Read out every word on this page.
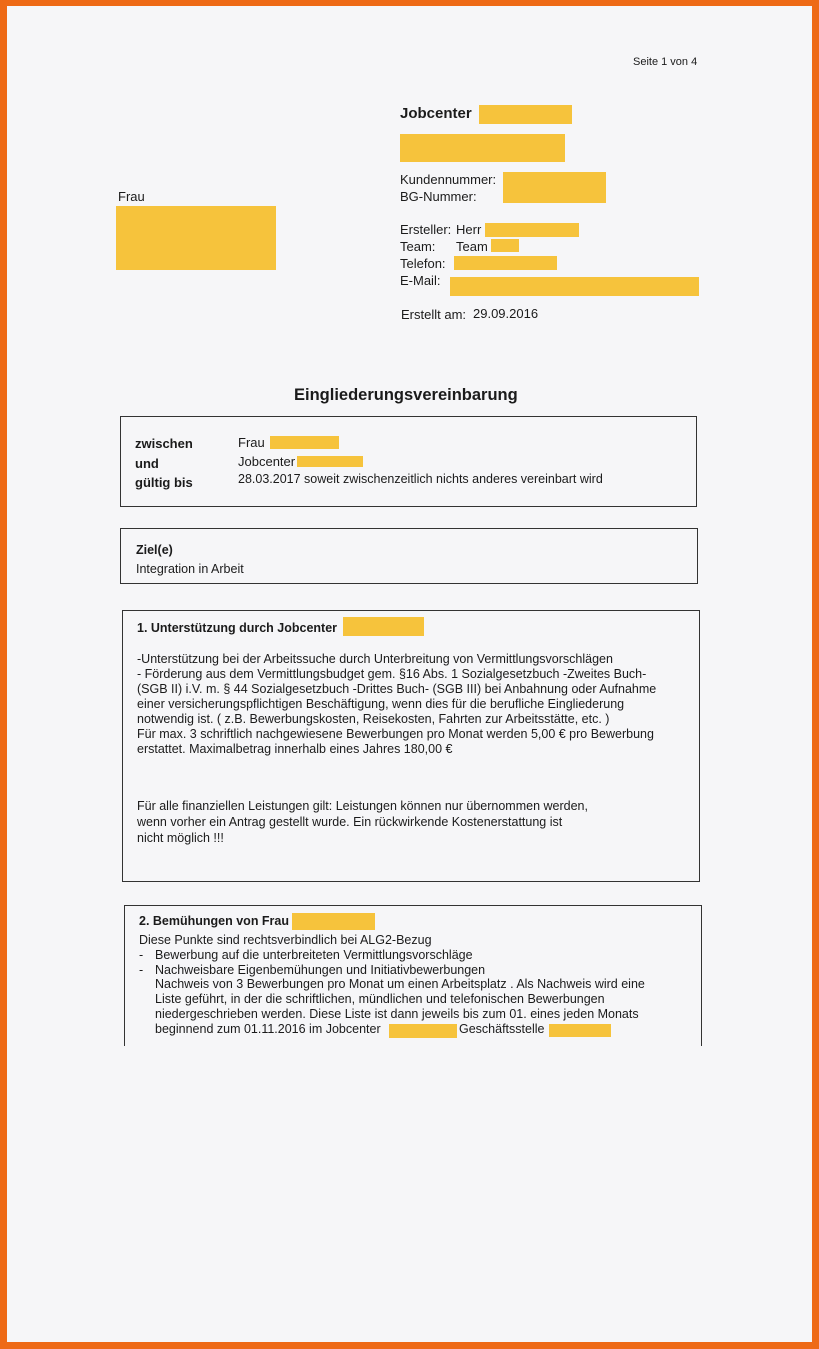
Seite 1 von 4
Jobcenter
Kundennummer:
BG-Nummer:
Ersteller: Herr
Team: Team
Telefon:
E-Mail:
Erstellt am: 29.09.2016
Frau
Eingliederungsvereinbarung
zwischen	Frau
und	Jobcenter
gültig bis	28.03.2017 soweit zwischenzeitlich nichts anderes vereinbart wird
Ziel(e)
Integration in Arbeit
1. Unterstützung durch Jobcenter
-Unterstützung bei der Arbeitssuche durch Unterbreitung von Vermittlungsvorschlägen
- Förderung aus dem Vermittlungsbudget gem. §16 Abs. 1 Sozialgesetzbuch -Zweites Buch-
(SGB II) i.V. m. § 44 Sozialgesetzbuch -Drittes Buch- (SGB III) bei Anbahnung oder Aufnahme
einer versicherungspflichtigen Beschäftigung, wenn dies für die berufliche Eingliederung
notwendig ist. ( z.B. Bewerbungskosten, Reisekosten, Fahrten zur Arbeitsstätte, etc. )
Für max. 3 schriftlich nachgewiesene Bewerbungen pro Monat werden 5,00 € pro Bewerbung
erstattet. Maximalbetrag innerhalb eines Jahres 180,00 €
Für alle finanziellen Leistungen gilt: Leistungen können nur übernommen werden,
wenn vorher ein Antrag gestellt wurde. Ein rückwirkende Kostenerstattung ist
nicht möglich !!!
2. Bemühungen von Frau
Diese Punkte sind rechtsverbindlich bei ALG2-Bezug
- Bewerbung auf die unterbreiteten Vermittlungsvorschläge
- Nachweisbare Eigenbemühungen und Initiativbewerbungen
Nachweis von 3 Bewerbungen pro Monat um einen Arbeitsplatz . Als Nachweis wird eine
Liste geführt, in der die schriftlichen, mündlichen und telefonischen Bewerbungen
niedergeschrieben werden. Diese Liste ist dann jeweils bis zum 01. eines jeden Monats
beginnend zum 01.11.2016 im Jobcenter	Geschäftsstelle
